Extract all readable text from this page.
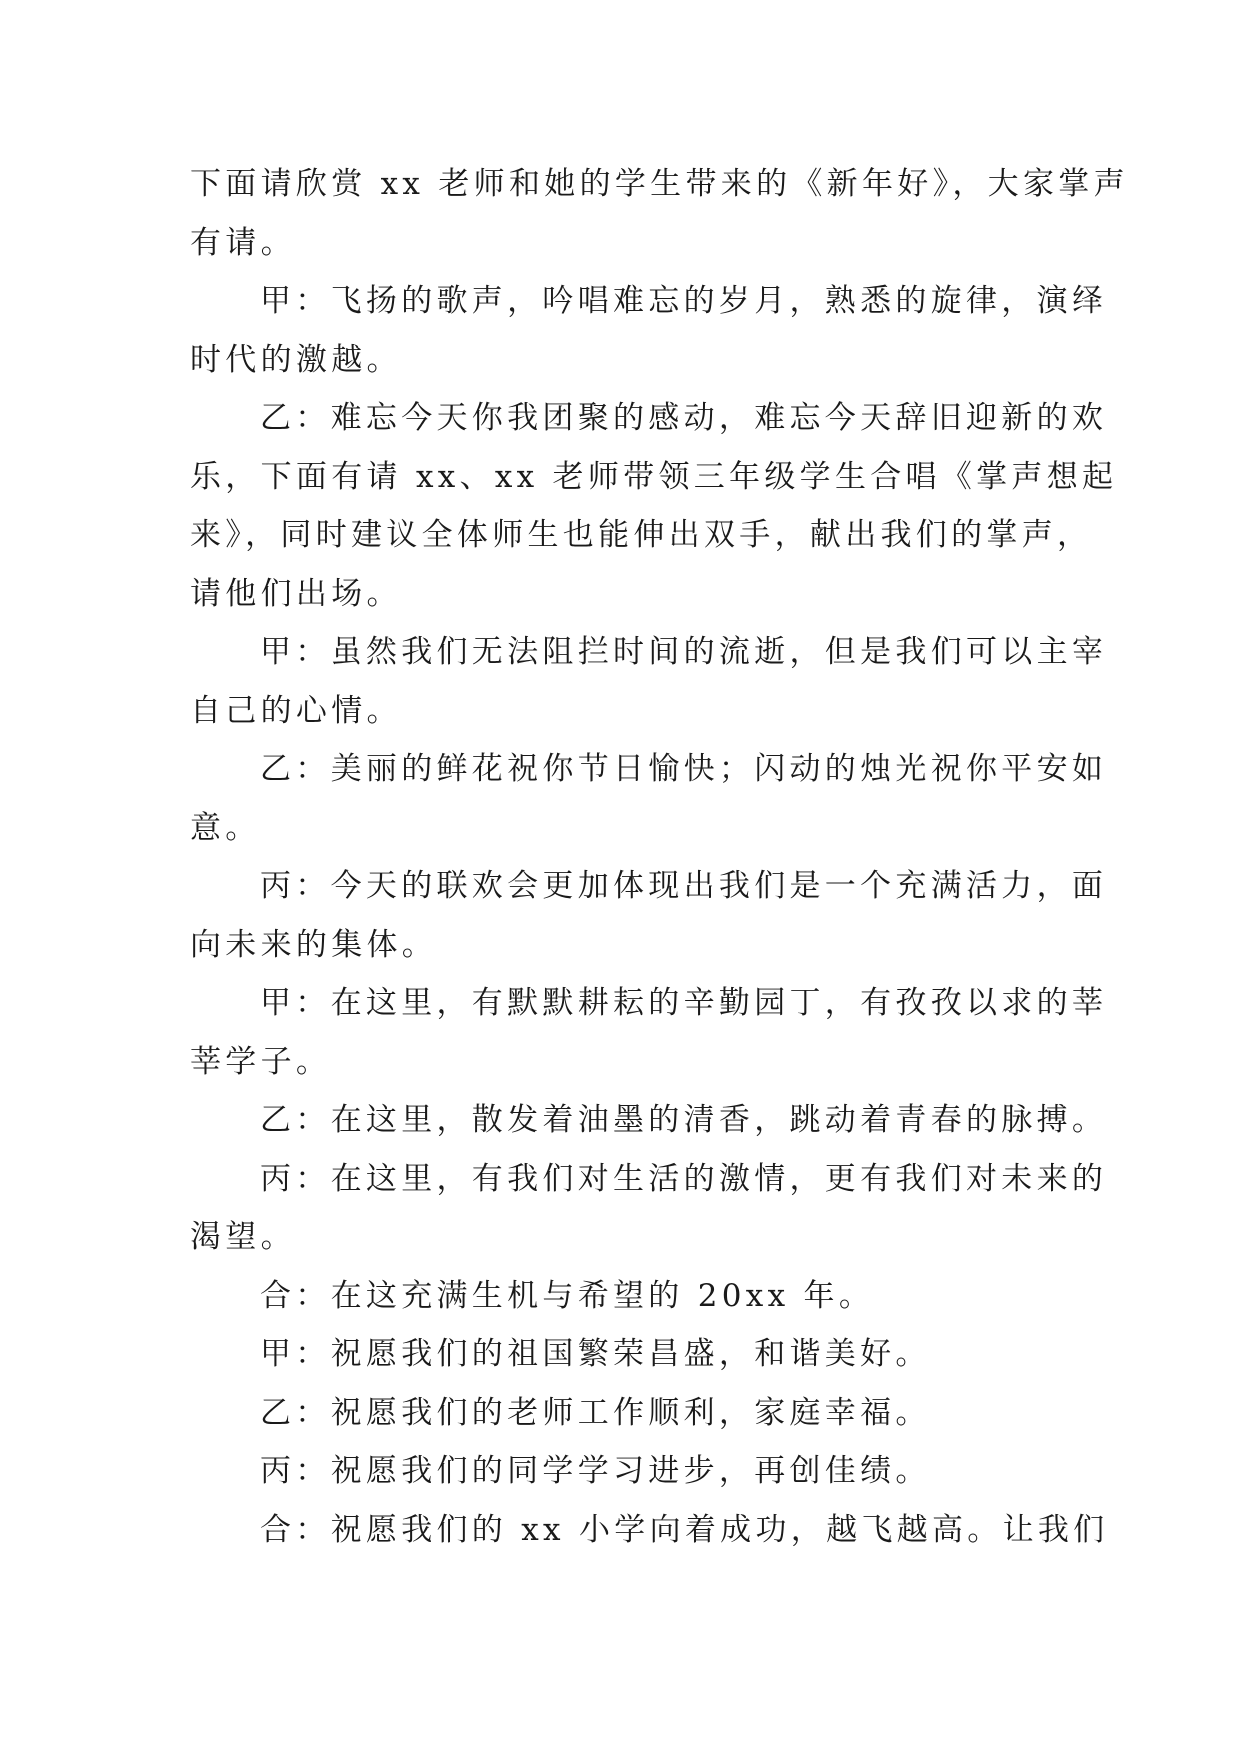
下面请欣赏 xx 老师和她的学生带来的《新年好》，大家掌声
有请。
甲：飞扬的歌声，吟唱难忘的岁月，熟悉的旋律，演绎
时代的激越。
乙：难忘今天你我团聚的感动，难忘今天辞旧迎新的欢
乐，下面有请 xx、xx 老师带领三年级学生合唱《掌声想起
来》，同时建议全体师生也能伸出双手，献出我们的掌声，
请他们出场。
甲：虽然我们无法阻拦时间的流逝，但是我们可以主宰
自己的心情。
乙：美丽的鲜花祝你节日愉快；闪动的烛光祝你平安如
意。
丙：今天的联欢会更加体现出我们是一个充满活力，面
向未来的集体。
甲：在这里，有默默耕耘的辛勤园丁，有孜孜以求的莘
莘学子。
乙：在这里，散发着油墨的清香，跳动着青春的脉搏。
丙：在这里，有我们对生活的激情，更有我们对未来的
渴望。
合：在这充满生机与希望的 20xx 年。
甲：祝愿我们的祖国繁荣昌盛，和谐美好。
乙：祝愿我们的老师工作顺利，家庭幸福。
丙：祝愿我们的同学学习进步，再创佳绩。
合：祝愿我们的 xx 小学向着成功，越飞越高。让我们
